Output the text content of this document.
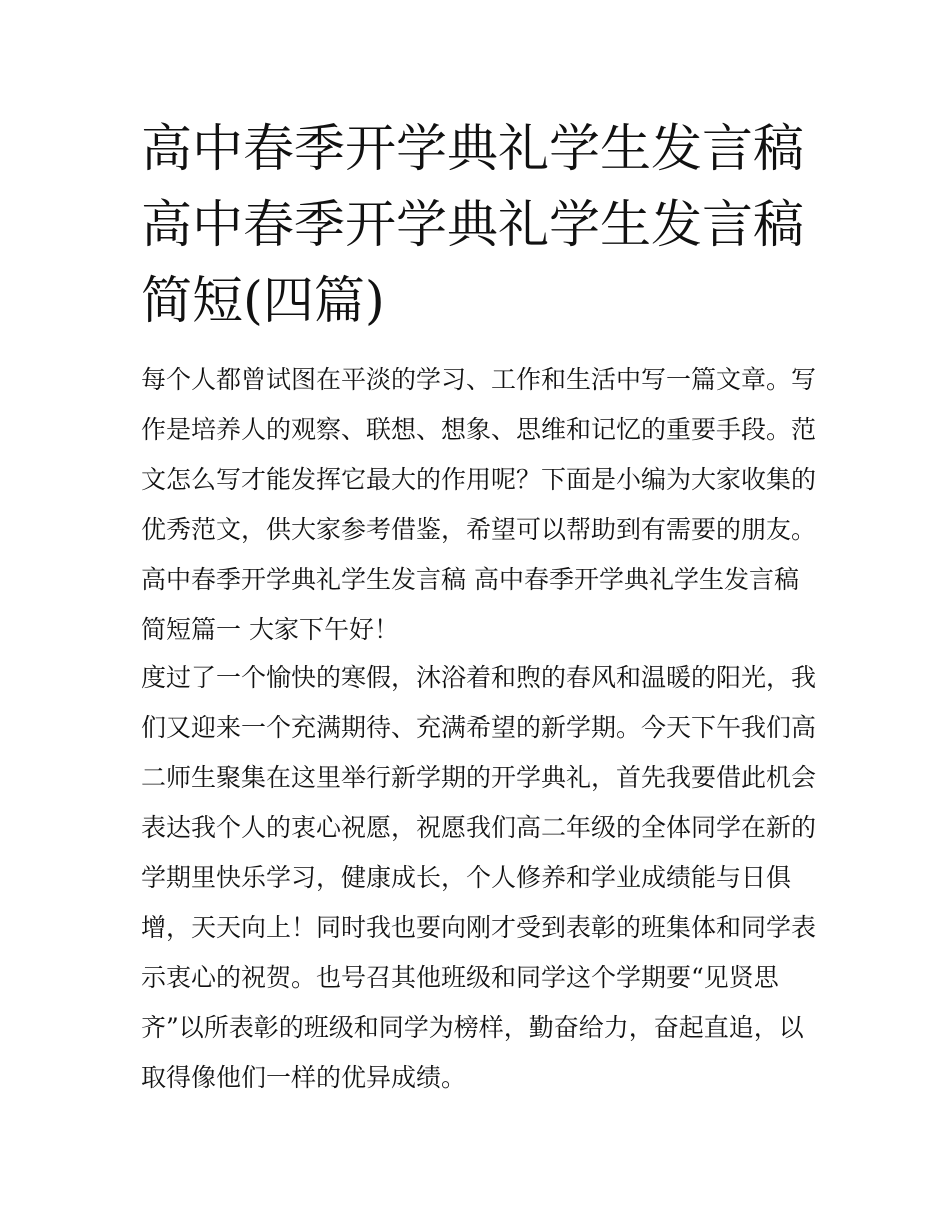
高中春季开学典礼学生发言稿
高中春季开学典礼学生发言稿
简短(四篇)
每个人都曾试图在平淡的学习、工作和生活中写一篇文章。写
作是培养人的观察、联想、想象、思维和记忆的重要手段。范
文怎么写才能发挥它最大的作用呢？下面是小编为大家收集的
优秀范文，供大家参考借鉴，希望可以帮助到有需要的朋友。
高中春季开学典礼学生发言稿 高中春季开学典礼学生发言稿
简短篇一 大家下午好！
度过了一个愉快的寒假，沐浴着和煦的春风和温暖的阳光，我
们又迎来一个充满期待、充满希望的新学期。今天下午我们高
二师生聚集在这里举行新学期的开学典礼，首先我要借此机会
表达我个人的衷心祝愿，祝愿我们高二年级的全体同学在新的
学期里快乐学习，健康成长，个人修养和学业成绩能与日俱
增，天天向上！同时我也要向刚才受到表彰的班集体和同学表
示衷心的祝贺。也号召其他班级和同学这个学期要“见贤思
齐”以所表彰的班级和同学为榜样，勤奋给力，奋起直追，以
取得像他们一样的优异成绩。
